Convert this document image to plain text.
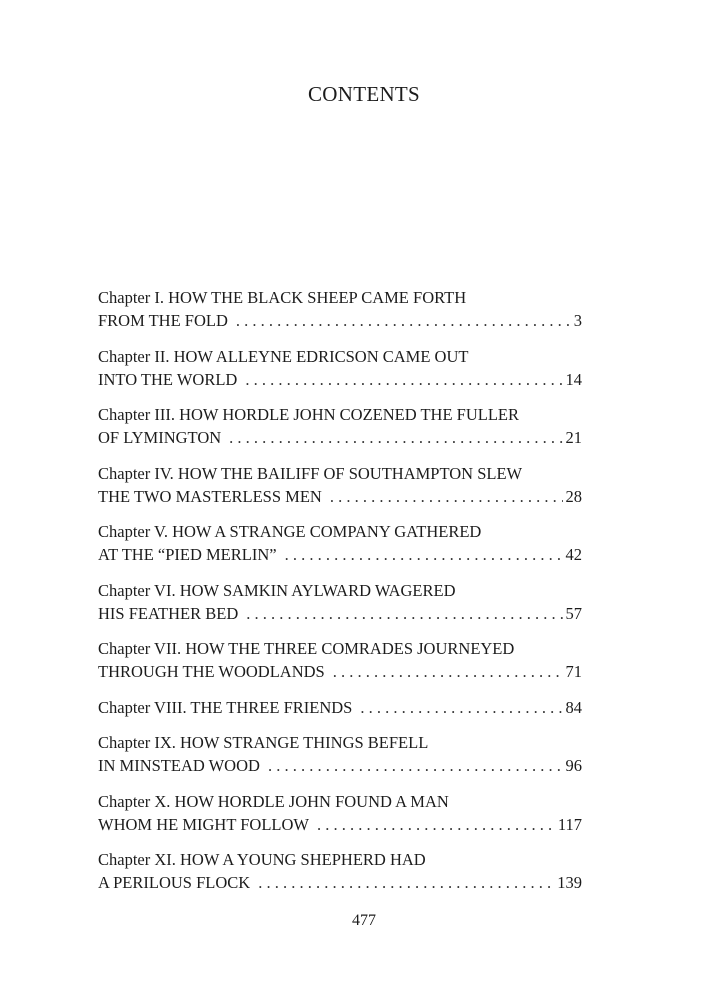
CONTENTS
Chapter I. HOW THE BLACK SHEEP CAME FORTH
FROM THE FOLD . . .	3
Chapter II. HOW ALLEYNE EDRICSON CAME OUT
INTO THE WORLD . . .	14
Chapter III. HOW HORDLE JOHN COZENED THE FULLER
OF LYMINGTON . . .	21
Chapter IV. HOW THE BAILIFF OF SOUTHAMPTON SLEW
THE TWO MASTERLESS MEN . . .	28
Chapter V. HOW A STRANGE COMPANY GATHERED
AT THE “PIED MERLIN” . . .	42
Chapter VI. HOW SAMKIN AYLWARD WAGERED
HIS FEATHER BED . . .	57
Chapter VII. HOW THE THREE COMRADES JOURNEYED
THROUGH THE WOODLANDS . . .	71
Chapter VIII. THE THREE FRIENDS . . .	84
Chapter IX. HOW STRANGE THINGS BEFELL
IN MINSTEAD WOOD . . .	96
Chapter X. HOW HORDLE JOHN FOUND A MAN
WHOM HE MIGHT FOLLOW . . .	117
Chapter XI. HOW A YOUNG SHEPHERD HAD
A PERILOUS FLOCK . . .	139
477
